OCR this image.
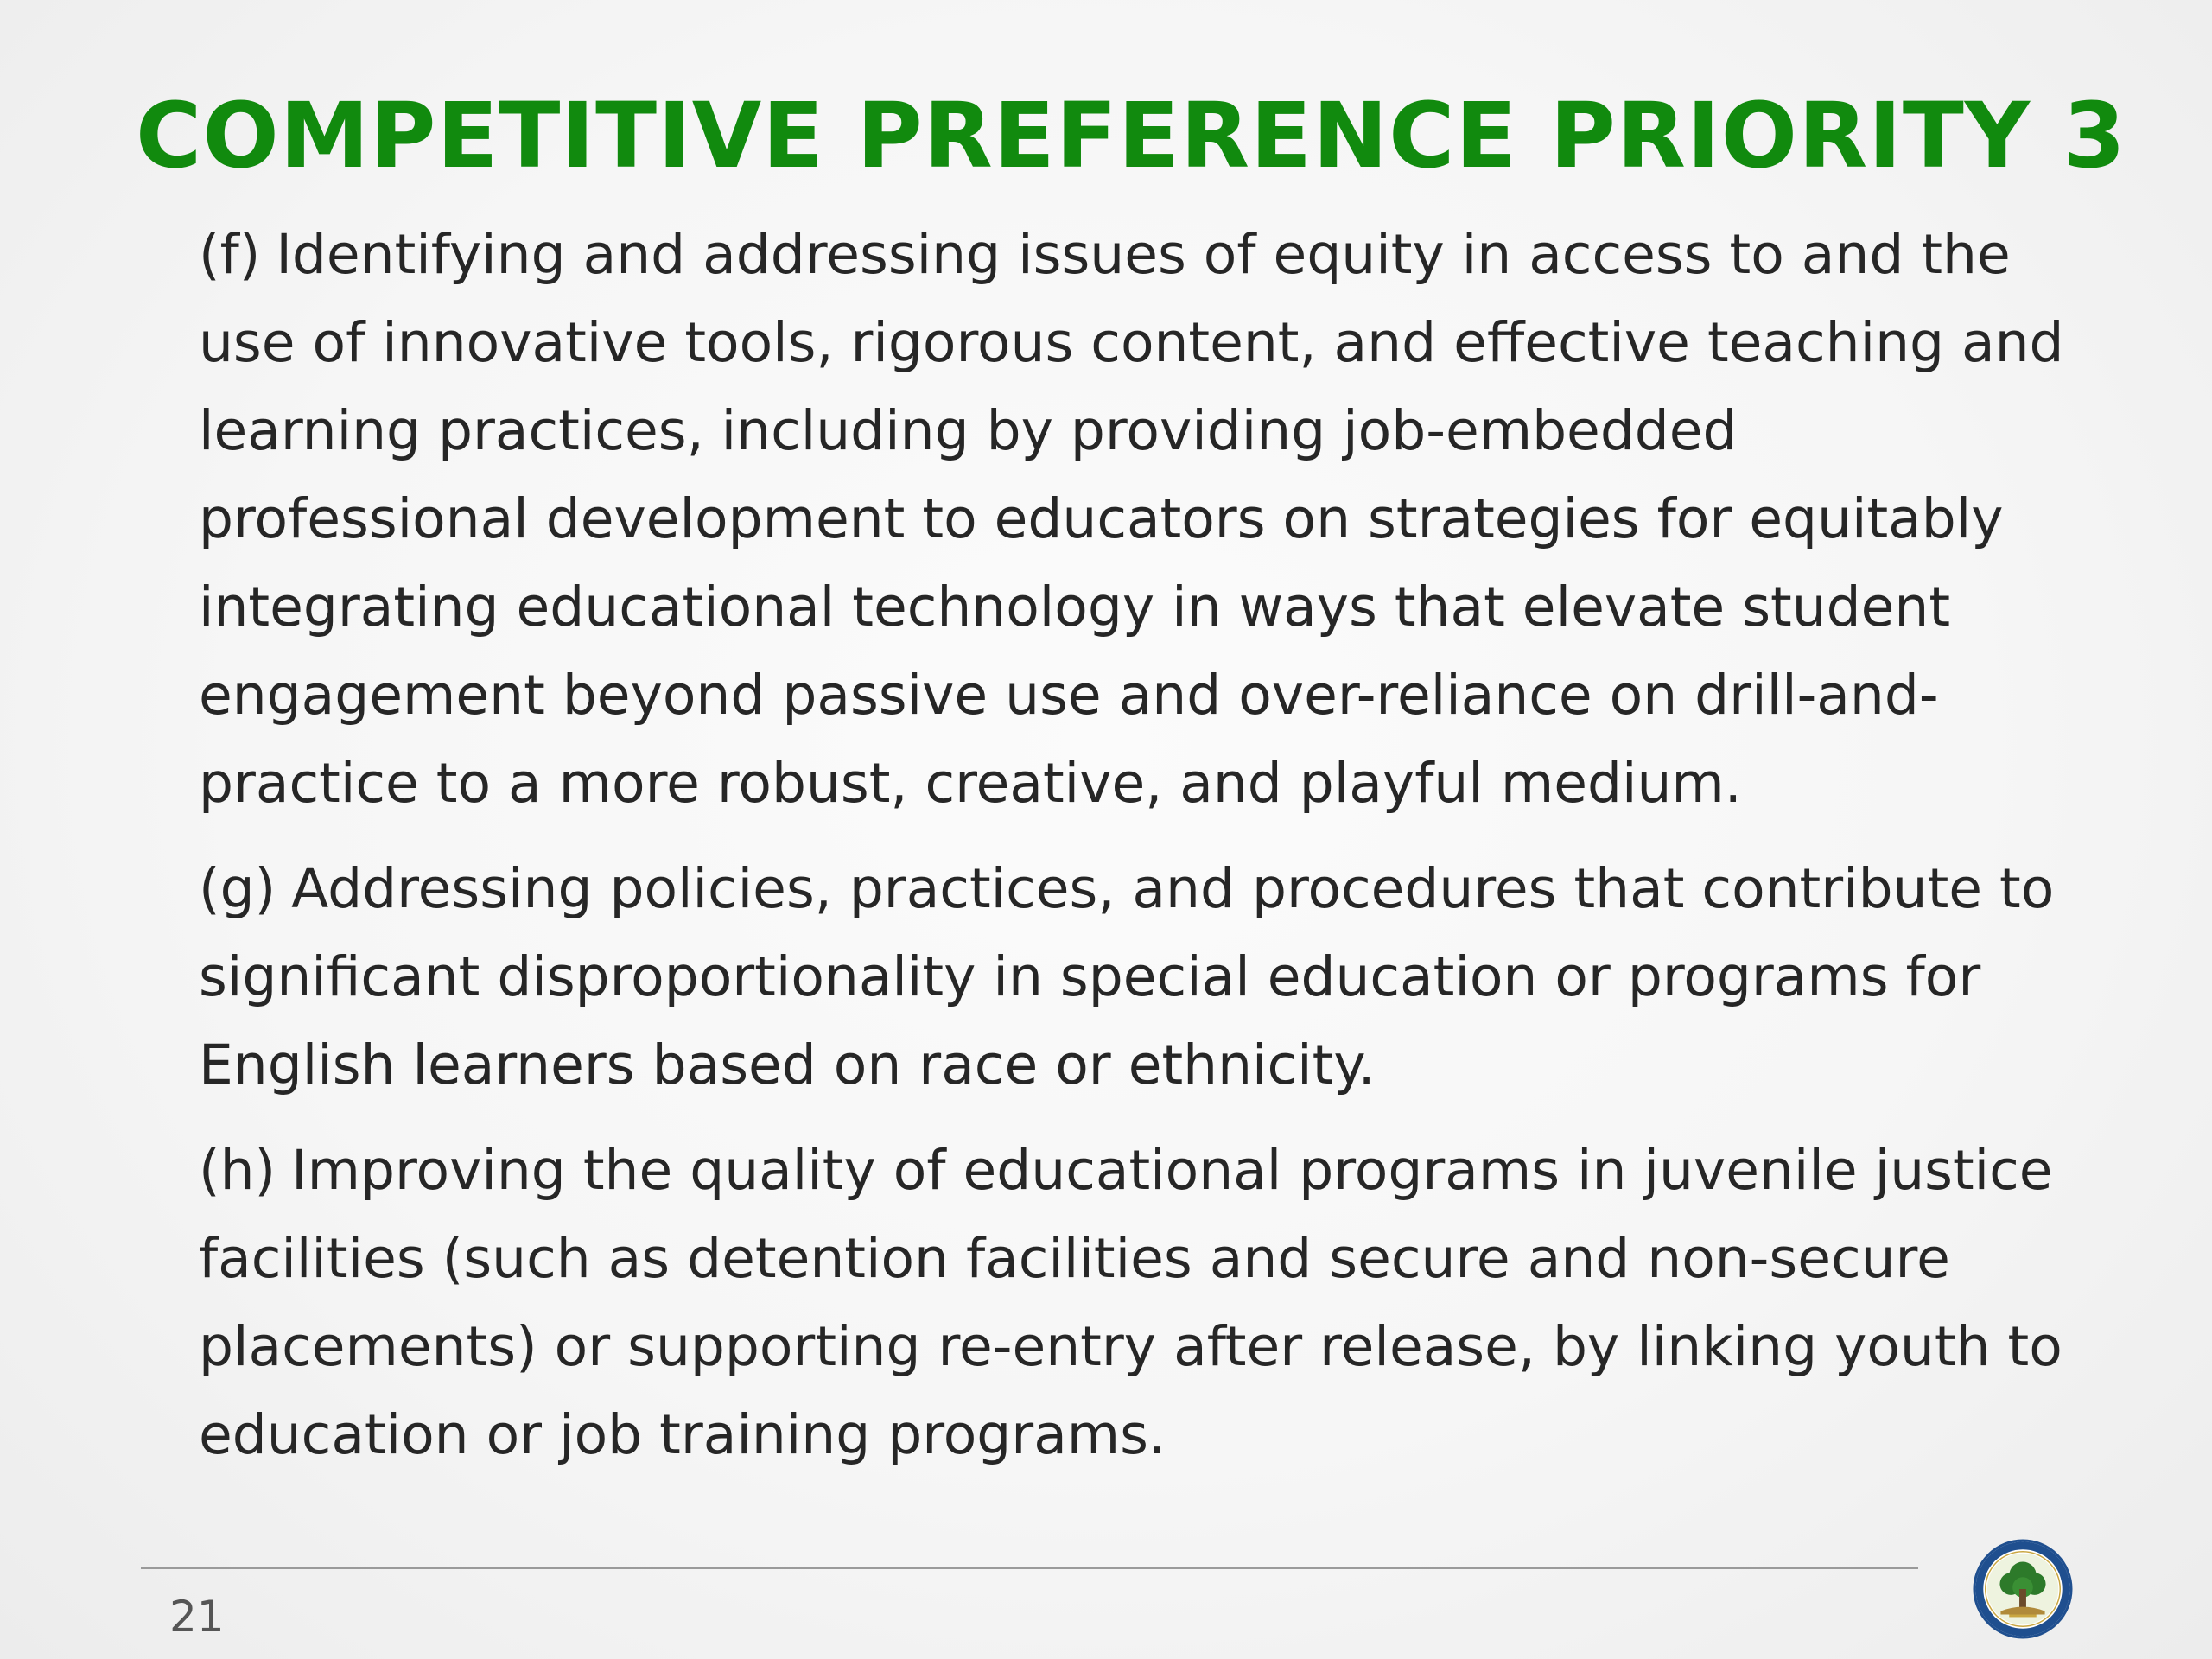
COMPETITIVE PREFERENCE PRIORITY 3

(f) Identifying and addressing issues of equity in access to and the use of innovative tools, rigorous content, and effective teaching and learning practices, including by providing job-embedded professional development to educators on strategies for equitably integrating educational technology in ways that elevate student engagement beyond passive use and over-reliance on drill-and-practice to a more robust, creative, and playful medium.

(g) Addressing policies, practices, and procedures that contribute to significant disproportionality in special education or programs for English learners based on race or ethnicity.

(h) Improving the quality of educational programs in juvenile justice facilities (such as detention facilities and secure and non-secure placements) or supporting re-entry after release, by linking youth to education or job training programs.

21
